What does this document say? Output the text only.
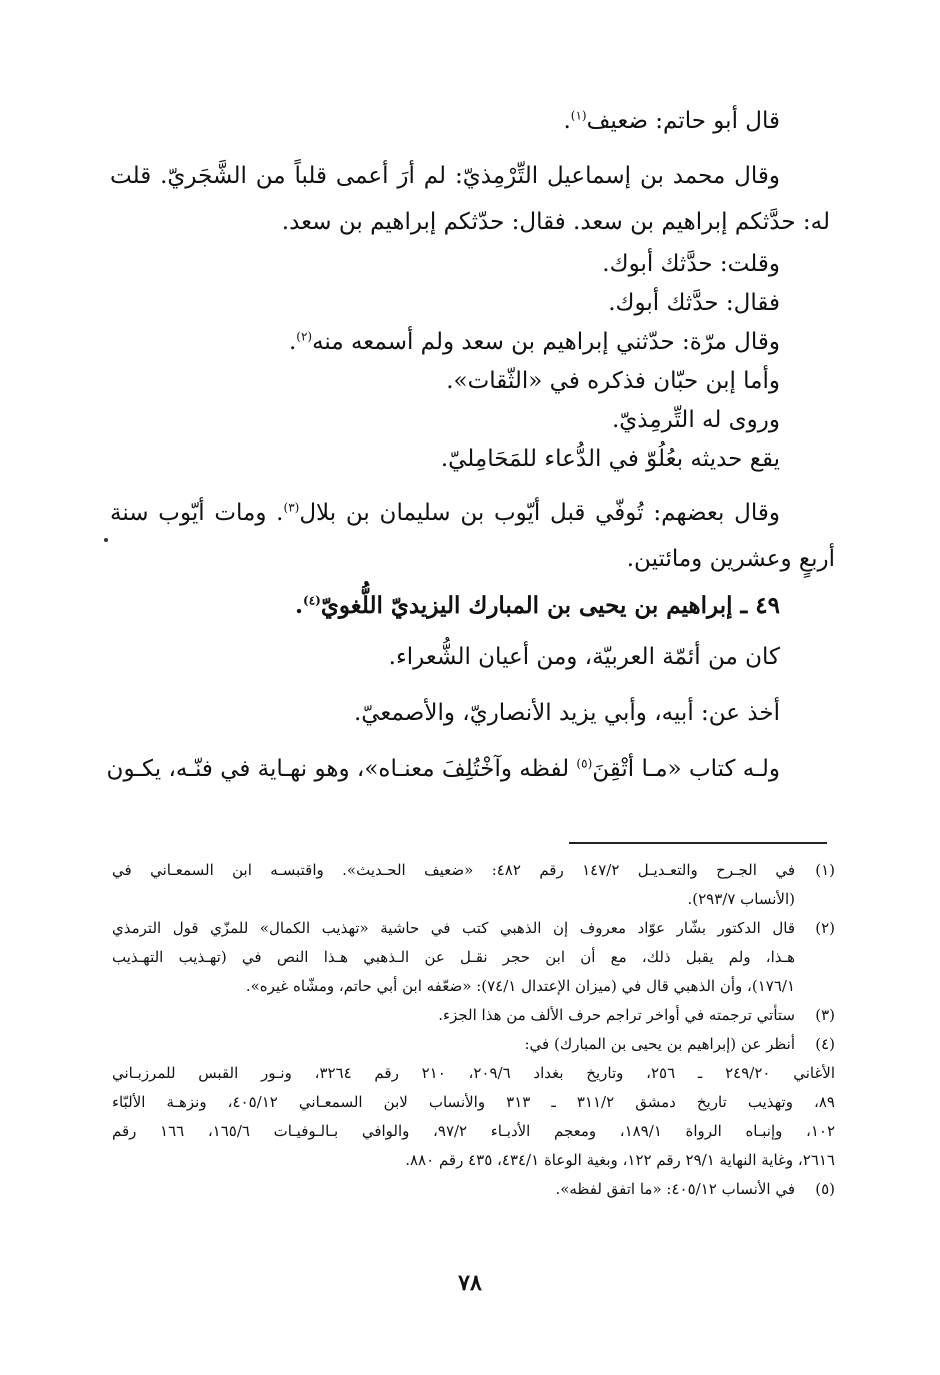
قال أبو حاتم: ضعيف$^{(١)}$.
وقال محمد بن إسماعيل التِّرْمِذيّ: لم أرَ أعمى قلباً من الشَّجَريّ. قلت
له: حدَّثكم إبراهيم بن سعد. فقال: حدّثكم إبراهيم بن سعد.
وقلت: حدَّثك أبوك.
فقال: حدَّثك أبوك.
وقال مرّة: حدّثني إبراهيم بن سعد ولم أسمعه منه$^{(٢)}$.
وأما إبن حبّان فذكره في «الثّقات».
وروى له التِّرمِذيّ.
يقع حديثه بعُلُوّ في الدُّعاء للمَحَامِليّ.
وقال بعضهم: تُوفّي قبل أيّوب بن سليمان بن بلال$^{(٣)}$. ومات أيّوب سنة
أربعٍ وعشرين ومائتين.
٤٩ ـ إبراهيم بن يحيى بن المبارك اليزيديّ اللُّغويّ$^{(٤)}$.
كان من أئمّة العربيّة، ومن أعيان الشُّعراء.
أخذ عن: أبيه، وأبي يزيد الأنصاريّ، والأصمعيّ.
ولـه كتاب «مـا أتْقِنَ$^{(٥)}$ لفظه وآخْتُلِفَ معنـاه»، وهو نهـاية في فنّـه، يكـون
(١)
في الجـرح والتعـديـل ١٤٧/٢ رقم ٤٨٢: «ضعيف الحـديث». واقتبسـه ابن السمعـاني في
(الأنساب ٢٩٣/٧).
(٢)
قال الدكتور بشّار عوّاد معروف إن الذهبي كتب في حاشية «تهذيب الكمال» للمزّي قول الترمذي
هـذا، ولم يقبل ذلك، مع أن ابن حجر نقـل عن الـذهبي هـذا النص في (تهـذيب التهـذيب
١٧٦/١)، وأن الذهبي قال في (ميزان الإعتدال ٧٤/١): «ضعّفه ابن أبي حاتم، ومشّاه غيره».
(٣)
ستأتي ترجمته في أواخر تراجم حرف الألف من هذا الجزء.
(٤)
أنظر عن (إبراهيم بن يحيى بن المبارك) في:
الأغاني ٢٤٩/٢٠ ـ ٢٥٦، وتاريخ بغداد ٢٠٩/٦، ٢١٠ رقم ٣٢٦٤، ونـور القبس للمرزبـاني
٨٩، وتهذيب تاريخ دمشق ٣١١/٢ ـ ٣١٣ والأنساب لابن السمعـاني ٤٠٥/١٢، ونزهـة الألبّاء
١٠٢، وإنبـاه الرواة ١٨٩/١، ومعجم الأدبـاء ٩٧/٢، والوافي بـالـوفيـات ١٦٥/٦، ١٦٦ رقم
٢٦١٦، وغاية النهاية ٢٩/١ رقم ١٢٢، وبغية الوعاة ٤٣٤/١، ٤٣٥ رقم ٨٨٠.
(٥)
في الأنساب ٤٠٥/١٢: «ما اتفق لفظه».
٧٨
